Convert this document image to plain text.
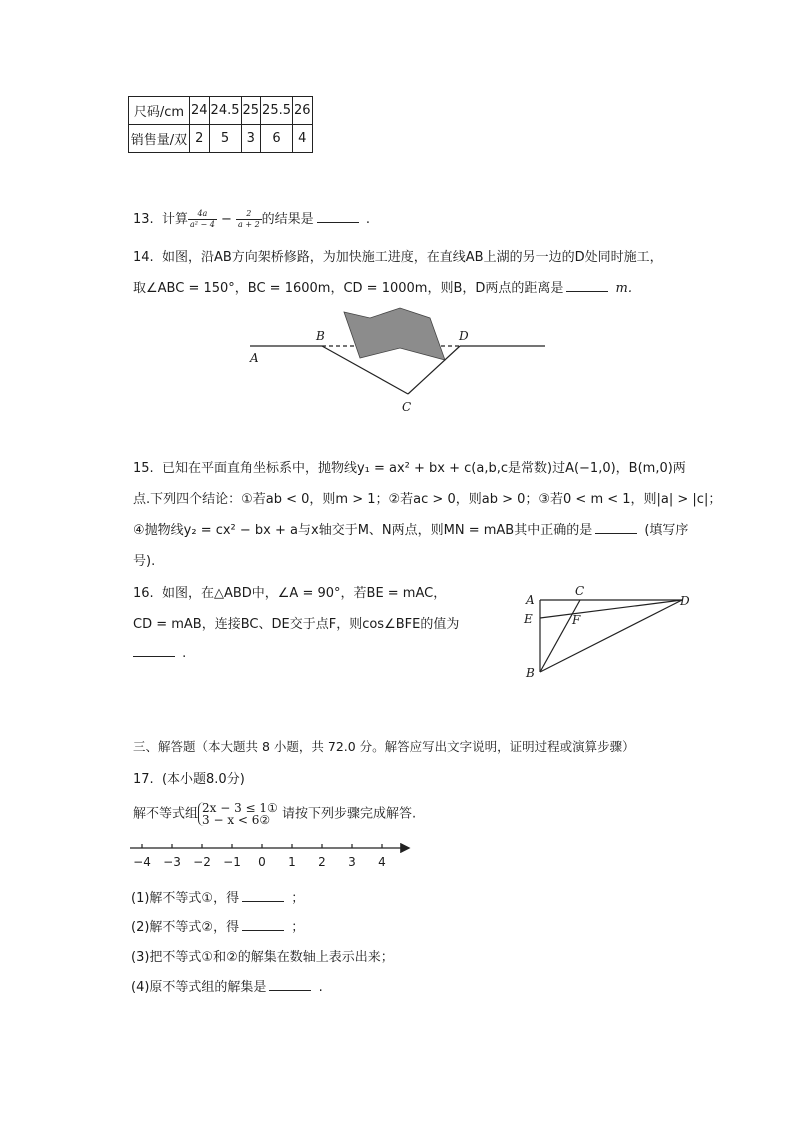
尺码/cm	24	24.5	25	25.5	26
销售量/双	2	5	3	6	4
13. 计算 $\frac{4a}{\text{a² − 4}} - \frac{2}{a + 2}$ 的结果是	.
14. 如图，沿AB方向架桥修路，为加快施工进度，在直线AB上湖的另一边的D处同时施工，
取∠ABC = 150°，BC = 1600m，CD = 1000m，则B，D两点的距离是	m.
A
B	D
C
15. 已知在平面直角坐标系中，抛物线y₁ = ax² + bx + c(a,b,c是常数)过A(−1,0)，B(m,0)两
点.下列四个结论：①若ab < 0，则m > 1；②若ac > 0，则ab > 0；③若0 < m < 1，则|a| > |c|；
④抛物线y₂ = cx² − bx + a与x轴交于M、N两点，则MN = mAB其中正确的是	(填写序
号).
16. 如图，在△ABD中，∠A = 90°，若BE = mAC，
CD = mAB，连接BC、DE交于点F，则cos∠BFE的值为
.
A
C
D
E	F
B
三、解答题（本大题共 8 小题，共 72.0 分。解答应写出文字说明，证明过程或演算步骤）
17. (本小题8.0分)
解不等式组 2x − 3 ≤ 1①
3 − x < 6② 请按下列步骤完成解答.
−4 −3 −2 −1 0 1 2 3 4
(1)解不等式①，得	；
(2)解不等式②，得	；
(3)把不等式①和②的解集在数轴上表示出来；
(4)原不等式组的解集是	.
